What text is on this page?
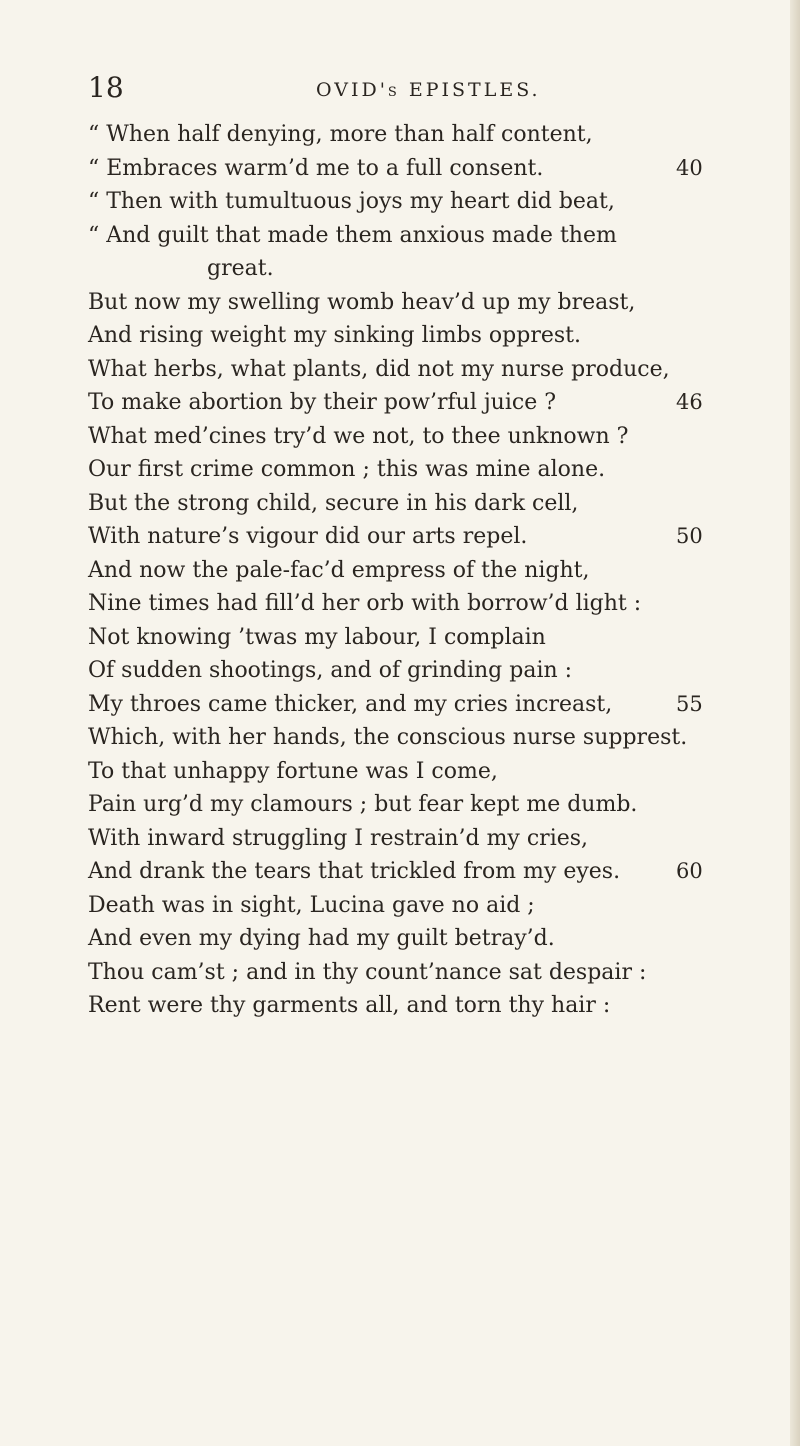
18	OVID's EPISTLES.
“ When half denying, more than half content,
“ Embraces warm’d me to a full consent.	40
“ Then with tumultuous joys my heart did beat,
“ And guilt that made them anxious made them
great.
But now my swelling womb heav’d up my breast,
And rising weight my sinking limbs opprest.
What herbs, what plants, did not my nurse produce,
To make abortion by their pow’rful juice ?	46
What med’cines try’d we not, to thee unknown ?
Our first crime common ; this was mine alone.
But the strong child, secure in his dark cell,
With nature’s vigour did our arts repel.	50
And now the pale-fac’d empress of the night,
Nine times had fill’d her orb with borrow’d light :
Not knowing ’twas my labour, I complain
Of sudden shootings, and of grinding pain :
My throes came thicker, and my cries increast,	55
Which, with her hands, the conscious nurse supprest.
To that unhappy fortune was I come,
Pain urg’d my clamours ; but fear kept me dumb.
With inward struggling I restrain’d my cries,
And drank the tears that trickled from my eyes.	60
Death was in sight, Lucina gave no aid ;
And even my dying had my guilt betray’d.
Thou cam’st ; and in thy count’nance sat despair :
Rent were thy garments all, and torn thy hair :
